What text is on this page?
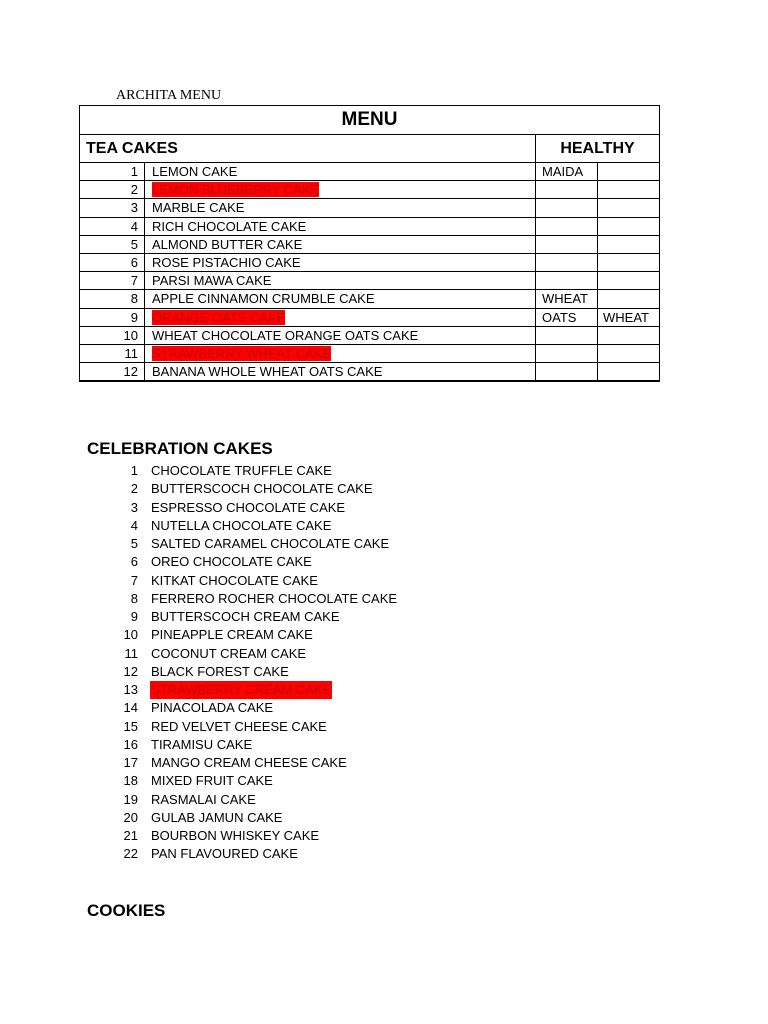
ARCHITA MENU
MENU			
TEA CAKES		HEALTHY	
1	LEMON CAKE	MAIDA	
2	LEMON BLUEBERRY CAKE		
3	MARBLE CAKE		
4	RICH CHOCOLATE CAKE		
5	ALMOND BUTTER CAKE		
6	ROSE PISTACHIO CAKE		
7	PARSI MAWA CAKE		
8	APPLE CINNAMON CRUMBLE CAKE	WHEAT	
9	ORANGE OATS CAKE	OATS	WHEAT
10	WHEAT CHOCOLATE ORANGE OATS CAKE		
11	STRAWBERRY WHEAT CAKE		
12	BANANA WHOLE WHEAT OATS CAKE		
CELEBRATION CAKES
1 CHOCOLATE TRUFFLE CAKE
2 BUTTERSCOCH CHOCOLATE CAKE
3 ESPRESSO CHOCOLATE CAKE
4 NUTELLA CHOCOLATE CAKE
5 SALTED CARAMEL CHOCOLATE CAKE
6 OREO CHOCOLATE CAKE
7 KITKAT CHOCOLATE CAKE
8 FERRERO ROCHER CHOCOLATE CAKE
9 BUTTERSCOCH CREAM CAKE
10 PINEAPPLE CREAM CAKE
11 COCONUT CREAM CAKE
12 BLACK FOREST CAKE
13 STRAWBERRY CREAM CAKE
14 PINACOLADA CAKE
15 RED VELVET CHEESE CAKE
16 TIRAMISU CAKE
17 MANGO CREAM CHEESE CAKE
18 MIXED FRUIT CAKE
19 RASMALAI CAKE
20 GULAB JAMUN CAKE
21 BOURBON WHISKEY CAKE
22 PAN FLAVOURED CAKE
COOKIES
